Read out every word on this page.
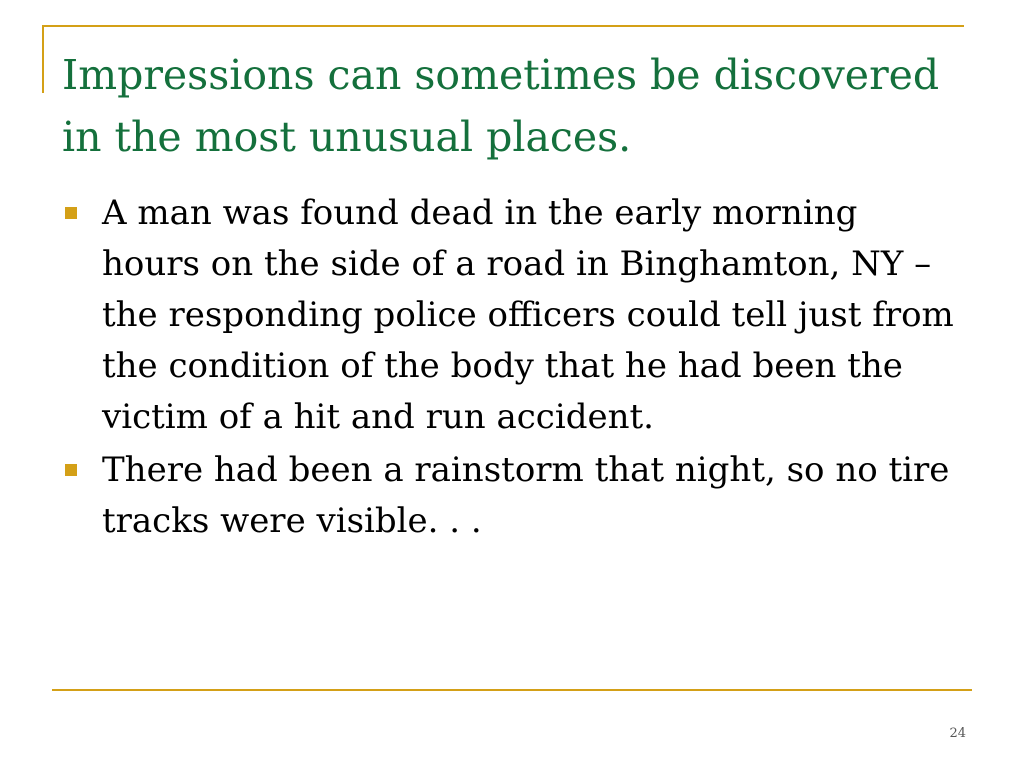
Impressions can sometimes be discovered in the most unusual places.
A man was found dead in the early morning hours on the side of a road in Binghamton, NY – the responding police officers could tell just from the condition of the body that he had been the victim of a hit and run accident.
There had been a rainstorm that night, so no tire tracks were visible. . .
24
